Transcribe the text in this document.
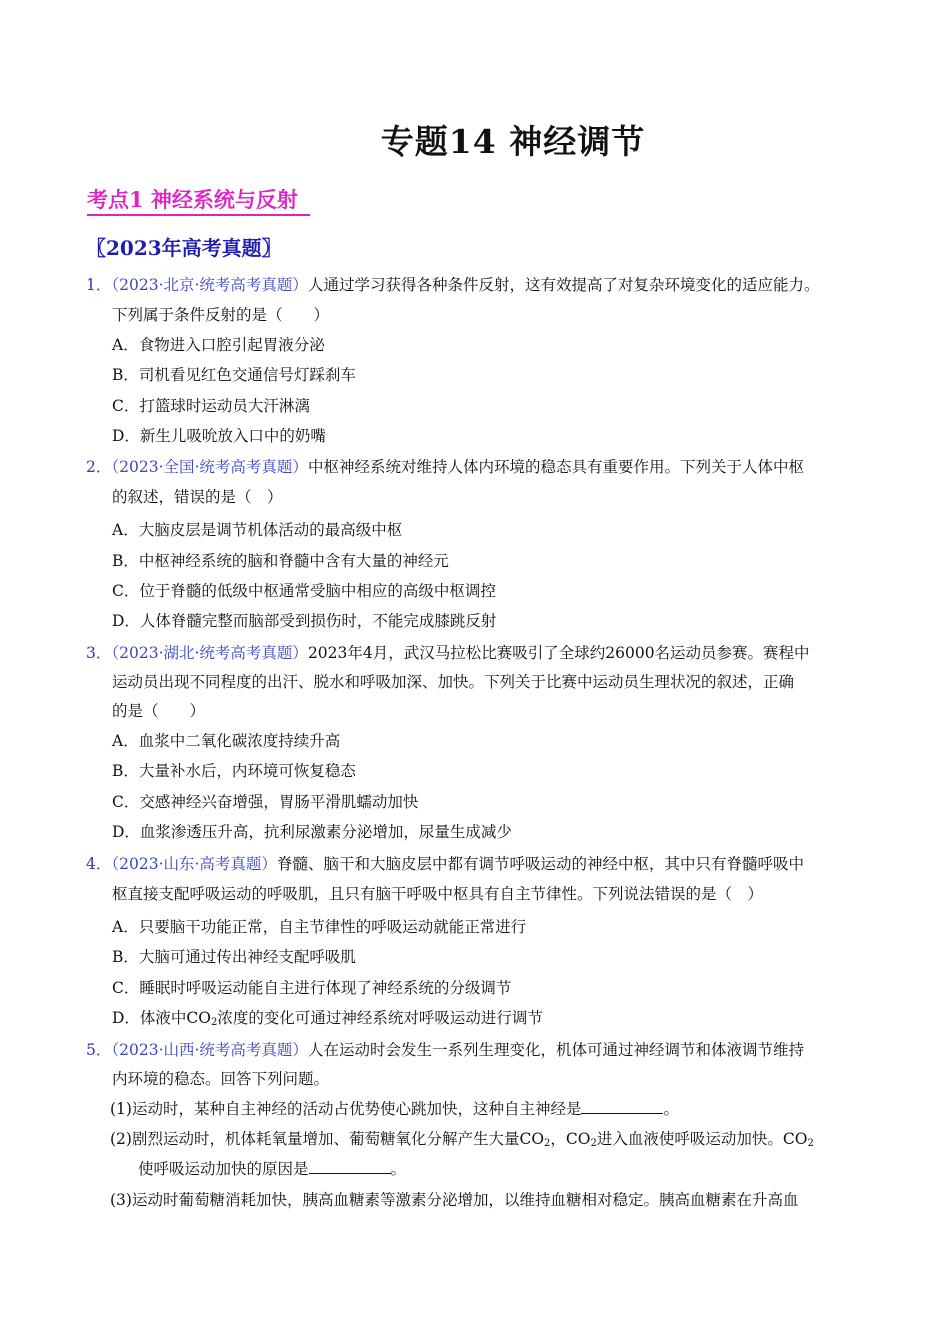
专题14 神经调节
考点1 神经系统与反射
〖2023年高考真题〗
1．（2023·北京·统考高考真题）人通过学习获得各种条件反射，这有效提高了对复杂环境变化的适应能力。
下列属于条件反射的是（　　）
A．食物进入口腔引起胃液分泌
B．司机看见红色交通信号灯踩刹车
C．打篮球时运动员大汗淋漓
D．新生儿吸吮放入口中的奶嘴
2．（2023·全国·统考高考真题）中枢神经系统对维持人体内环境的稳态具有重要作用。下列关于人体中枢
的叙述，错误的是（　）
A．大脑皮层是调节机体活动的最高级中枢
B．中枢神经系统的脑和脊髓中含有大量的神经元
C．位于脊髓的低级中枢通常受脑中相应的高级中枢调控
D．人体脊髓完整而脑部受到损伤时，不能完成膝跳反射
3．（2023·湖北·统考高考真题）2023年4月，武汉马拉松比赛吸引了全球约26000名运动员参赛。赛程中
运动员出现不同程度的出汗、脱水和呼吸加深、加快。下列关于比赛中运动员生理状况的叙述，正确
的是（　　）
A．血浆中二氧化碳浓度持续升高
B．大量补水后，内环境可恢复稳态
C．交感神经兴奋增强，胃肠平滑肌蠕动加快
D．血浆渗透压升高，抗利尿激素分泌增加，尿量生成减少
4．（2023·山东·高考真题）脊髓、脑干和大脑皮层中都有调节呼吸运动的神经中枢，其中只有脊髓呼吸中
枢直接支配呼吸运动的呼吸肌，且只有脑干呼吸中枢具有自主节律性。下列说法错误的是（　）
A．只要脑干功能正常，自主节律性的呼吸运动就能正常进行
B．大脑可通过传出神经支配呼吸肌
C．睡眠时呼吸运动能自主进行体现了神经系统的分级调节
D．体液中$CO_2$浓度的变化可通过神经系统对呼吸运动进行调节
5．（2023·山西·统考高考真题）人在运动时会发生一系列生理变化，机体可通过神经调节和体液调节维持
内环境的稳态。回答下列问题。
(1)运动时，某种自主神经的活动占优势使心跳加快，这种自主神经是	。
(2)剧烈运动时，机体耗氧量增加、葡萄糖氧化分解产生大量$CO_2$，$CO_2$进入血液使呼吸运动加快。$CO_2$
使呼吸运动加快的原因是	。
(3)运动时葡萄糖消耗加快，胰高血糖素等激素分泌增加，以维持血糖相对稳定。胰高血糖素在升高血
